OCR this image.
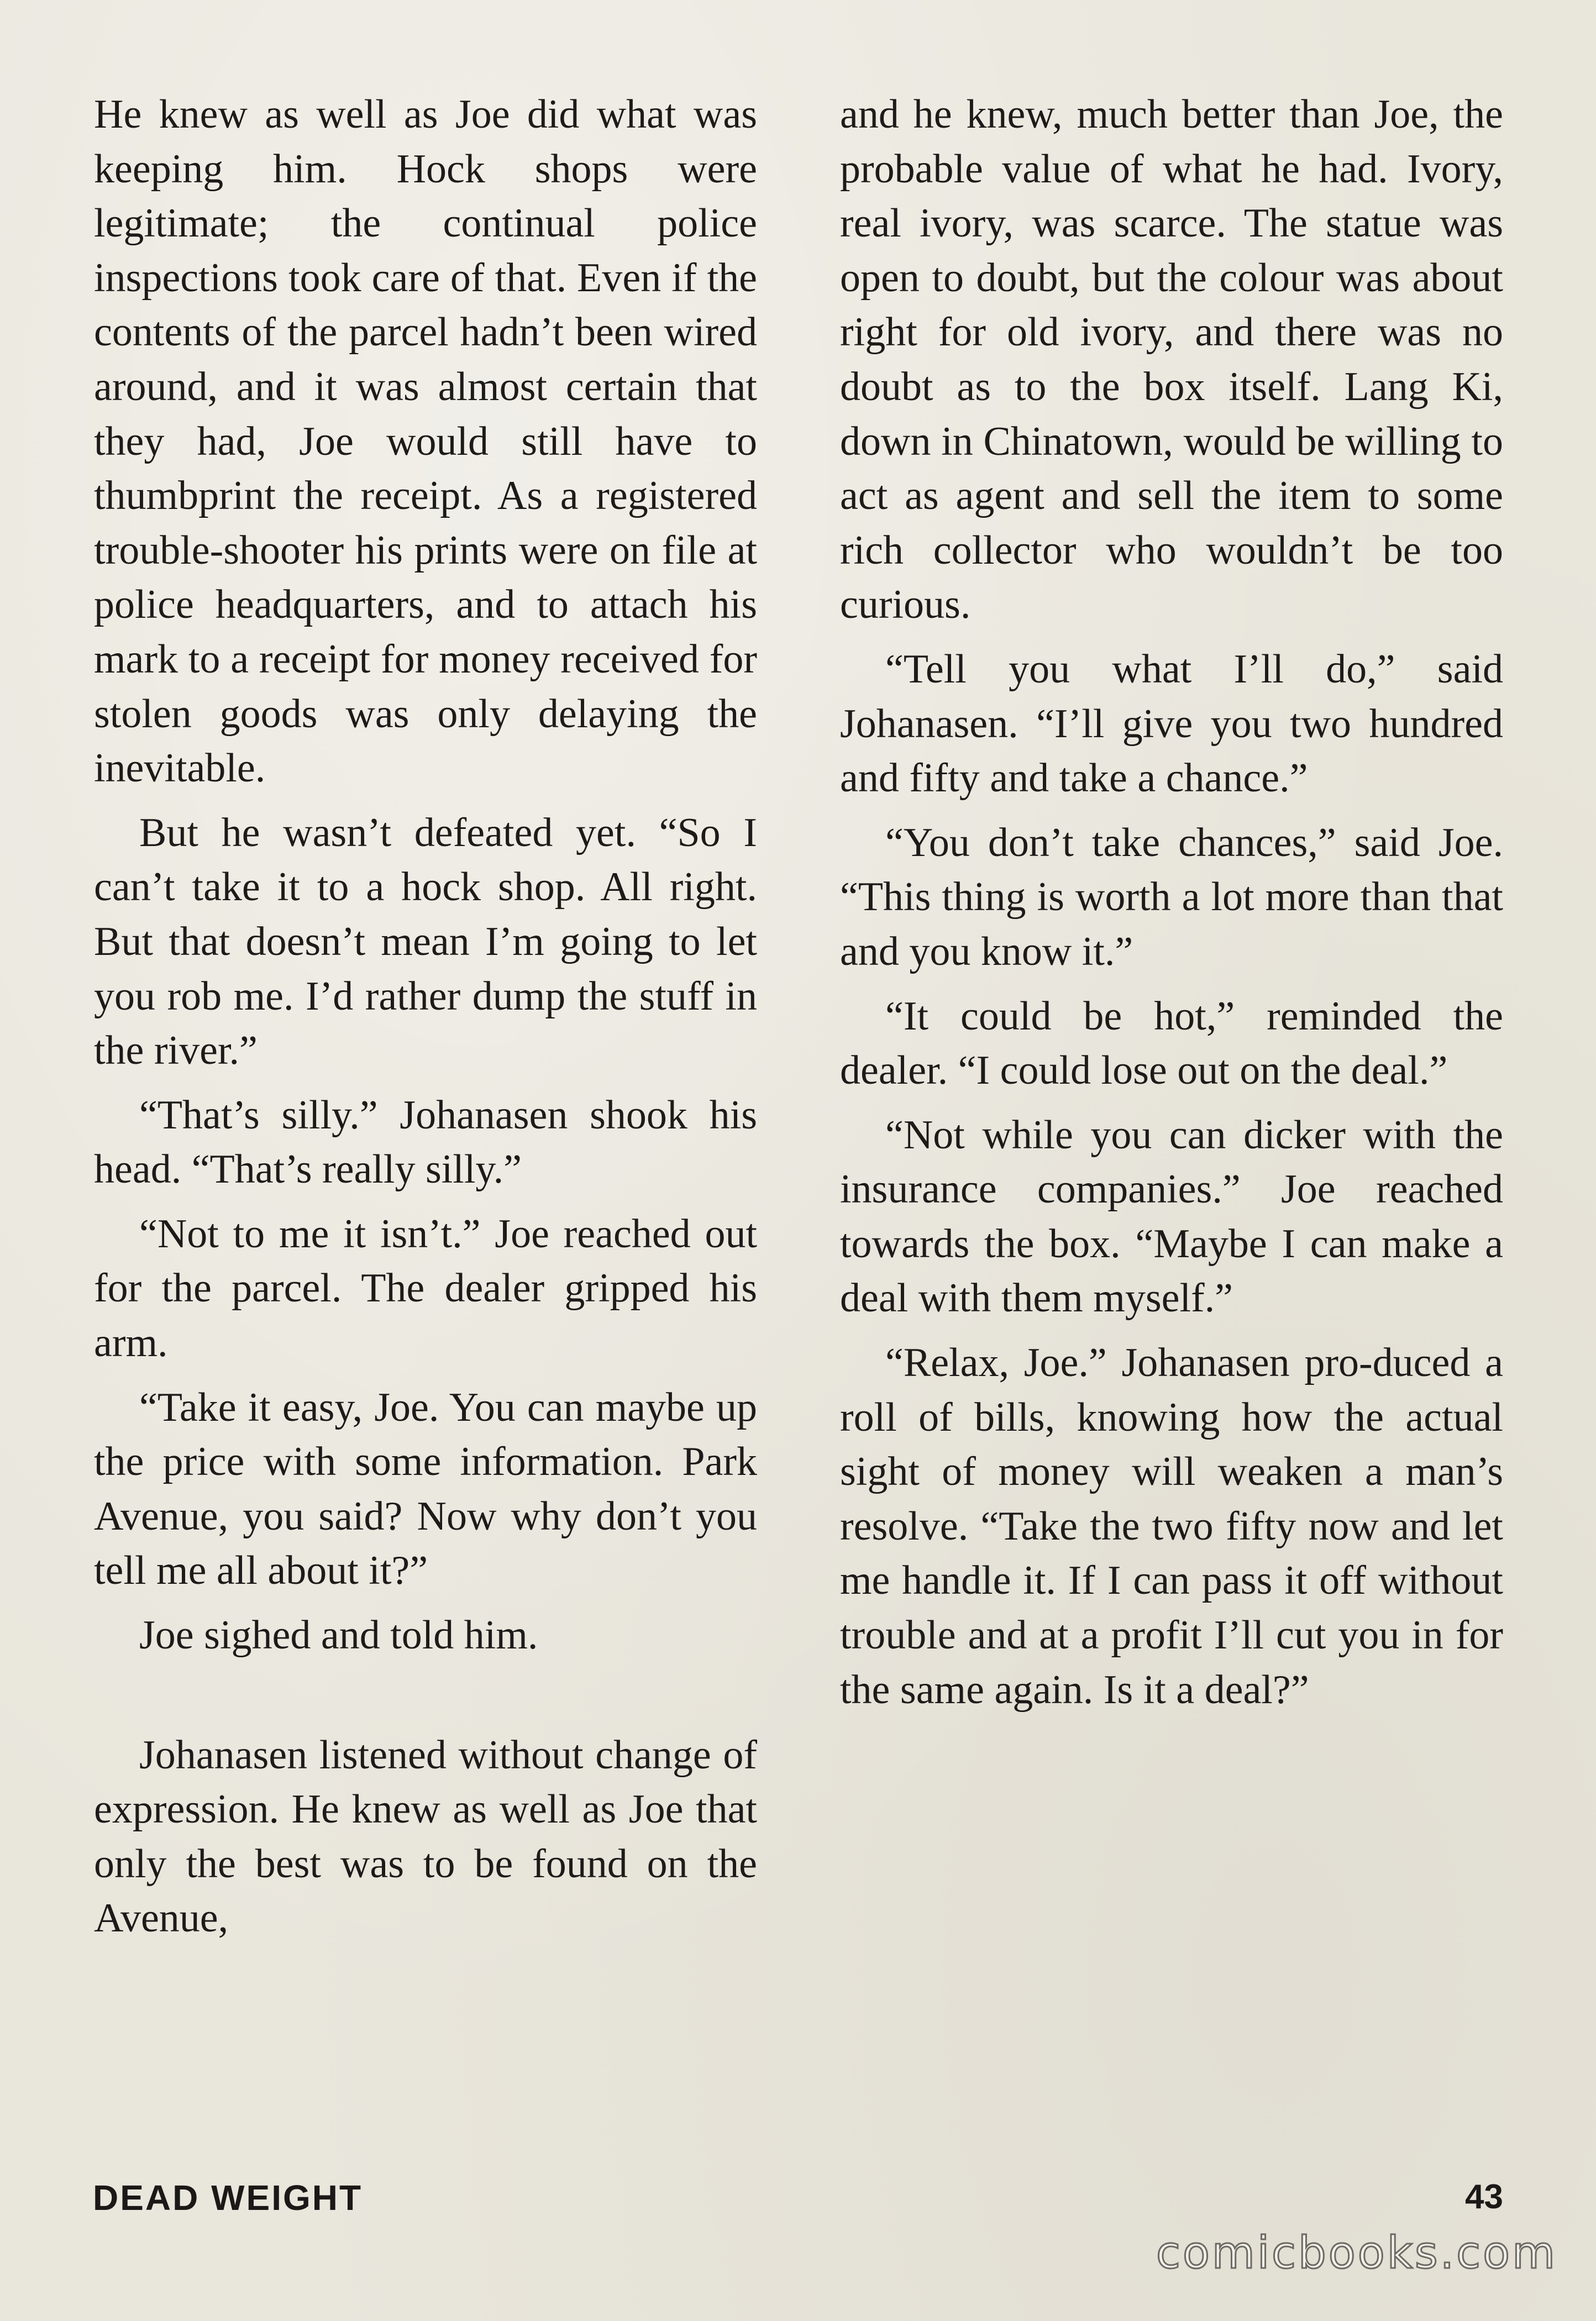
He knew as well as Joe did what was keeping him. Hock shops were legitimate; the continual police inspections took care of that. Even if the contents of the parcel hadn’t been wired around, and it was almost certain that they had, Joe would still have to thumbprint the receipt. As a registered trouble-shooter his prints were on file at police headquarters, and to attach his mark to a receipt for money received for stolen goods was only delaying the inevitable.

But he wasn’t defeated yet. “So I can’t take it to a hock shop. All right. But that doesn’t mean I’m going to let you rob me. I’d rather dump the stuff in the river.”

“That’s silly.” Johanasen shook his head. “That’s really silly.”

“Not to me it isn’t.” Joe reached out for the parcel. The dealer gripped his arm.

“Take it easy, Joe. You can maybe up the price with some information. Park Avenue, you said? Now why don’t you tell me all about it?”

Joe sighed and told him.

Johanasen listened without change of expression. He knew as well as Joe that only the best was to be found on the Avenue,

and he knew, much better than Joe, the probable value of what he had. Ivory, real ivory, was scarce. The statue was open to doubt, but the colour was about right for old ivory, and there was no doubt as to the box itself. Lang Ki, down in Chinatown, would be willing to act as agent and sell the item to some rich collector who wouldn’t be too curious.

“Tell you what I’ll do,” said Johanasen. “I’ll give you two hundred and fifty and take a chance.”

“You don’t take chances,” said Joe. “This thing is worth a lot more than that and you know it.”

“It could be hot,” reminded the dealer. “I could lose out on the deal.”

“Not while you can dicker with the insurance companies.” Joe reached towards the box. “Maybe I can make a deal with them myself.”

“Relax, Joe.” Johanasen pro-duced a roll of bills, knowing how the actual sight of money will weaken a man’s resolve. “Take the two fifty now and let me handle it. If I can pass it off without trouble and at a profit I’ll cut you in for the same again. Is it a deal?”

DEAD WEIGHT	43
comicbooks.com
